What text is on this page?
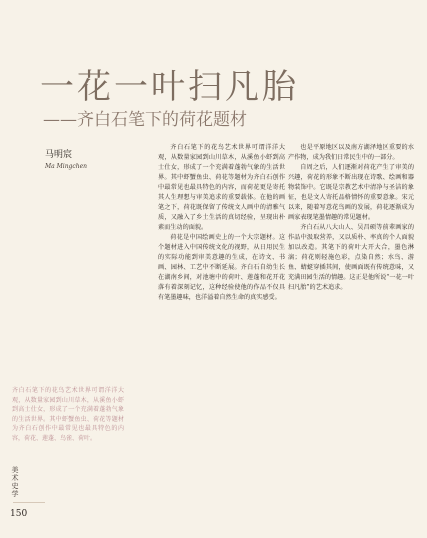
一花一叶扫凡胎
——齐白石笔下的荷花题材
马明宸
Ma Mingchen

齐白石笔下的花鸟艺术世界可谓洋洋大观，从数量家园到山川草木，从溪鱼小虾到高士仕女，形成了一个充满着蓬勃气象的生活世界。其中虾蟹鱼虫、荷花等题材为齐白石创作中最常见也最具特色的内容，而荷花更是寄托其人生理想与审美追求的重要载体。在他的画笔之下，荷花既保留了传统文人画中的清雅气质，又融入了乡土生活的真切经验，呈现出朴素而生动的面貌。

荷花是中国绘画史上的一个大宗题材。这个题材进入中国传统文化的视野，从日用民生的实际功能到审美意趣的生成，在诗文、书画、园林、工艺中不断延展。齐白石自幼生长在湖南乡间，对池塘中的荷叶、莲蓬和花开花落有着深刻记忆，这种经验使他的作品不仅具有笔墨趣味，也洋溢着自然生命的真实感受。

也是平原地区以及南方湖泽地区重要的水产作物，成为我们日常民生中的一部分。

自周之后，人们逐渐对荷花产生了审美的兴趣，荷花的形象不断出现在诗歌、绘画和器物装饰中。它既是宗教艺术中清净与圣洁的象征，也是文人寄托品格情怀的重要意象。宋元以来，随着写意花鸟画的发展，荷花逐渐成为画家表现笔墨情趣的常见题材。

齐白石从八大山人、吴昌硕等前辈画家的作品中汲取营养，又以质朴、率真的个人面貌加以改造。其笔下的荷叶大开大合，墨色淋漓；荷花则轻施色彩，点染自然；水鸟、游鱼、蜻蜓穿插其间，使画面既有传统意味，又充满田园生活的情趣。这正是他所说“一花一叶扫凡胎”的艺术追求。

齐白石笔下的花鸟艺术世界可谓洋洋大观，从数量家园到山川草木，从溪鱼小虾到高士仕女，形成了一个充满着蓬勃气象的生活世界。其中虾蟹鱼虫、荷花等题材为齐白石创作中最常见也最具特色的内容，荷花、莲蓬、鸟雀、荷叶。
美术史学
150
